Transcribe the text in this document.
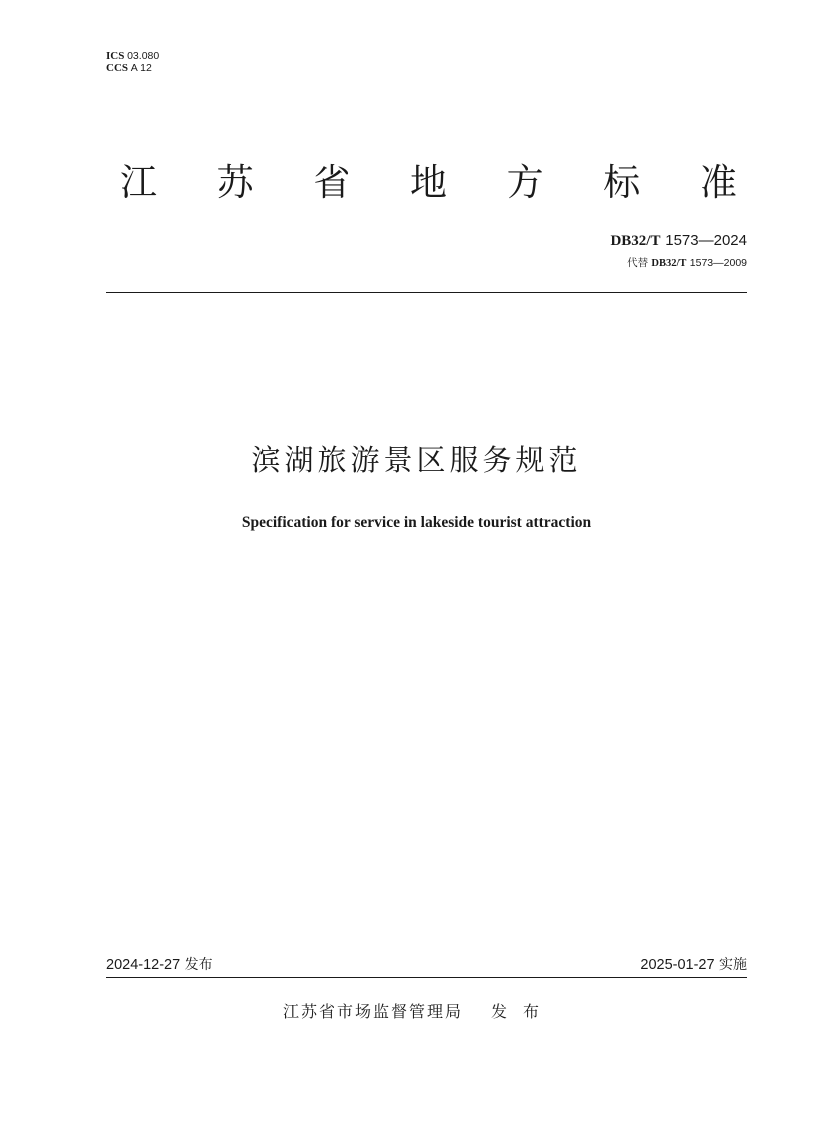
ICS 03.080
CCS A 12
江 苏 省 地 方 标 准
DB32/T 1573—2024
代替 DB32/T 1573—2009
滨湖旅游景区服务规范
Specification for service in lakeside tourist attraction
2024-12-27 发布	2025-01-27 实施
江苏省市场监督管理局 发布
